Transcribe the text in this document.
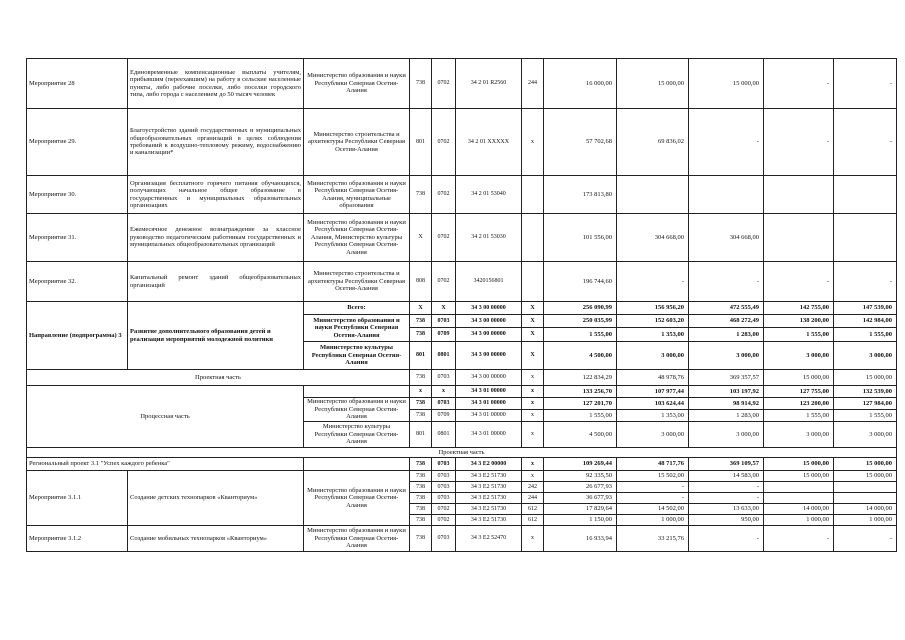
Мероприятие 28	Единовременные компенсационные выплаты учителям, прибывшим (переехавшим) на работу в сельские населенные пункты, либо рабочие поселки, либо поселки городского типа, либо города с населением до 50 тысяч человек	Министерство образования и науки Республики Северная Осетия-Алания	738	0702	34 2 01 R2560	244	16 000,00	15 000,00	15 000,00	-	-
Мероприятие 29.	Благоустройство зданий государственных и муниципальных общеобразовательных организаций в целях соблюдения требований к воздушно-тепловому режиму, водоснабжению и канализации*	Министерство строительства и архитектуры Республики Северная Осетия-Алания	801	0702	34 2 01 XXXXX	x	57 702,68	69 836,02	-	-	-
Мероприятие 30.	Организация бесплатного горячего питания обучающихся, получающих начальное общее образование в государственных и муниципальных образовательных организациях	Министерство образования и науки Республики Северная Осетия-Алания, муниципальные образования	738	0702	34 2 01 53040		173 813,80				
Мероприятие 31.	Ежемесячное денежное вознаграждение за классное руководство педагогическим работникам государственных и муниципальных общеобразовательных организаций	Министерство образования и науки Республики Северная Осетия-Алания, Министерство культуры Республики Северная Осетия-Алания	X	0702	34 2 01 53030		101 556,00	304 668,00	304 668,00		
Мероприятие 32.	Капитальный ремонт зданий общеобразовательных организаций	Министерство строительства и архитектуры Республики Северная Осетия-Алания	808	0702	3420156801		196 744,60	-	-	-	-
Направление (подпрограмма) 3	Развитие дополнительного образования детей и реализация мероприятий молодежной политики	Всего:	X	X	34 3 00 00000	X	256 090,99	156 956,20	472 555,49	142 755,00	147 539,00
		Министерство образования и науки Республики Северная Осетия-Алания	738	0703	34 3 00 00000	X	250 035,99	152 603,20	468 272,49	138 200,00	142 984,00
			738	0709	34 3 00 00000	X	1 555,00	1 353,00	1 283,00	1 555,00	1 555,00
		Министерство культуры Республики Северная Осетия-Алания	801	0801	34 3 00 00000	X	4 500,00	3 000,00	3 000,00	3 000,00	3 000,00
Проектная часть			738	0703	34 3 00 00000	x	122 834,29	48 978,76	369 357,57	15 000,00	15 000,00
Процессная часть			x	x	34 3 01 00000	x	133 256,70	107 977,44	103 197,92	127 755,00	132 539,00
		Министерство образования и науки Республики Северная Осетия-Алания	738	0703	34 3 01 00000	x	127 201,70	103 624,44	98 914,92	123 200,00	127 984,00
			738	0709	34 3 01 00000	x	1 555,00	1 353,00	1 283,00	1 555,00	1 555,00
		Министерство культуры Республики Северная Осетия-Алания	801	0801	34 3 01 00000	x	4 500,00	3 000,00	3 000,00	3 000,00	3 000,00
Проектная часть											
Региональный проект 3.1 "Успех каждого ребенка"			738	0703	34 3 E2 00000	x	109 269,44	48 717,76	369 109,57	15 000,00	15 000,00
Мероприятие 3.1.1	Создание детских технопарков «Кванториум»	Министерство образования и науки Республики Северная Осетия-Алания	738	0703	34 3 E2 51730	x	92 335,50	15 502,00	14 583,00	15 000,00	15 000,00
			738	0703	34 3 E2 51730	242	26 677,93	-	-		
			738	0703	34 3 E2 51730	244	36 677,93	-	-		
			738	0702	34 3 E2 51730	612	17 829,64	14 502,00	13 633,00	14 000,00	14 000,00
			738	0702	34 3 E2 51730	612	1 150,00	1 000,00	950,00	1 000,00	1 000,00
Мероприятие 3.1.2	Создание мобильных технопарков «Кванториум»	Министерство образования и науки Республики Северная Осетия-Алания	738	0703	34 3 E2 52470	x	16 933,94	33 215,76	-	-	-
